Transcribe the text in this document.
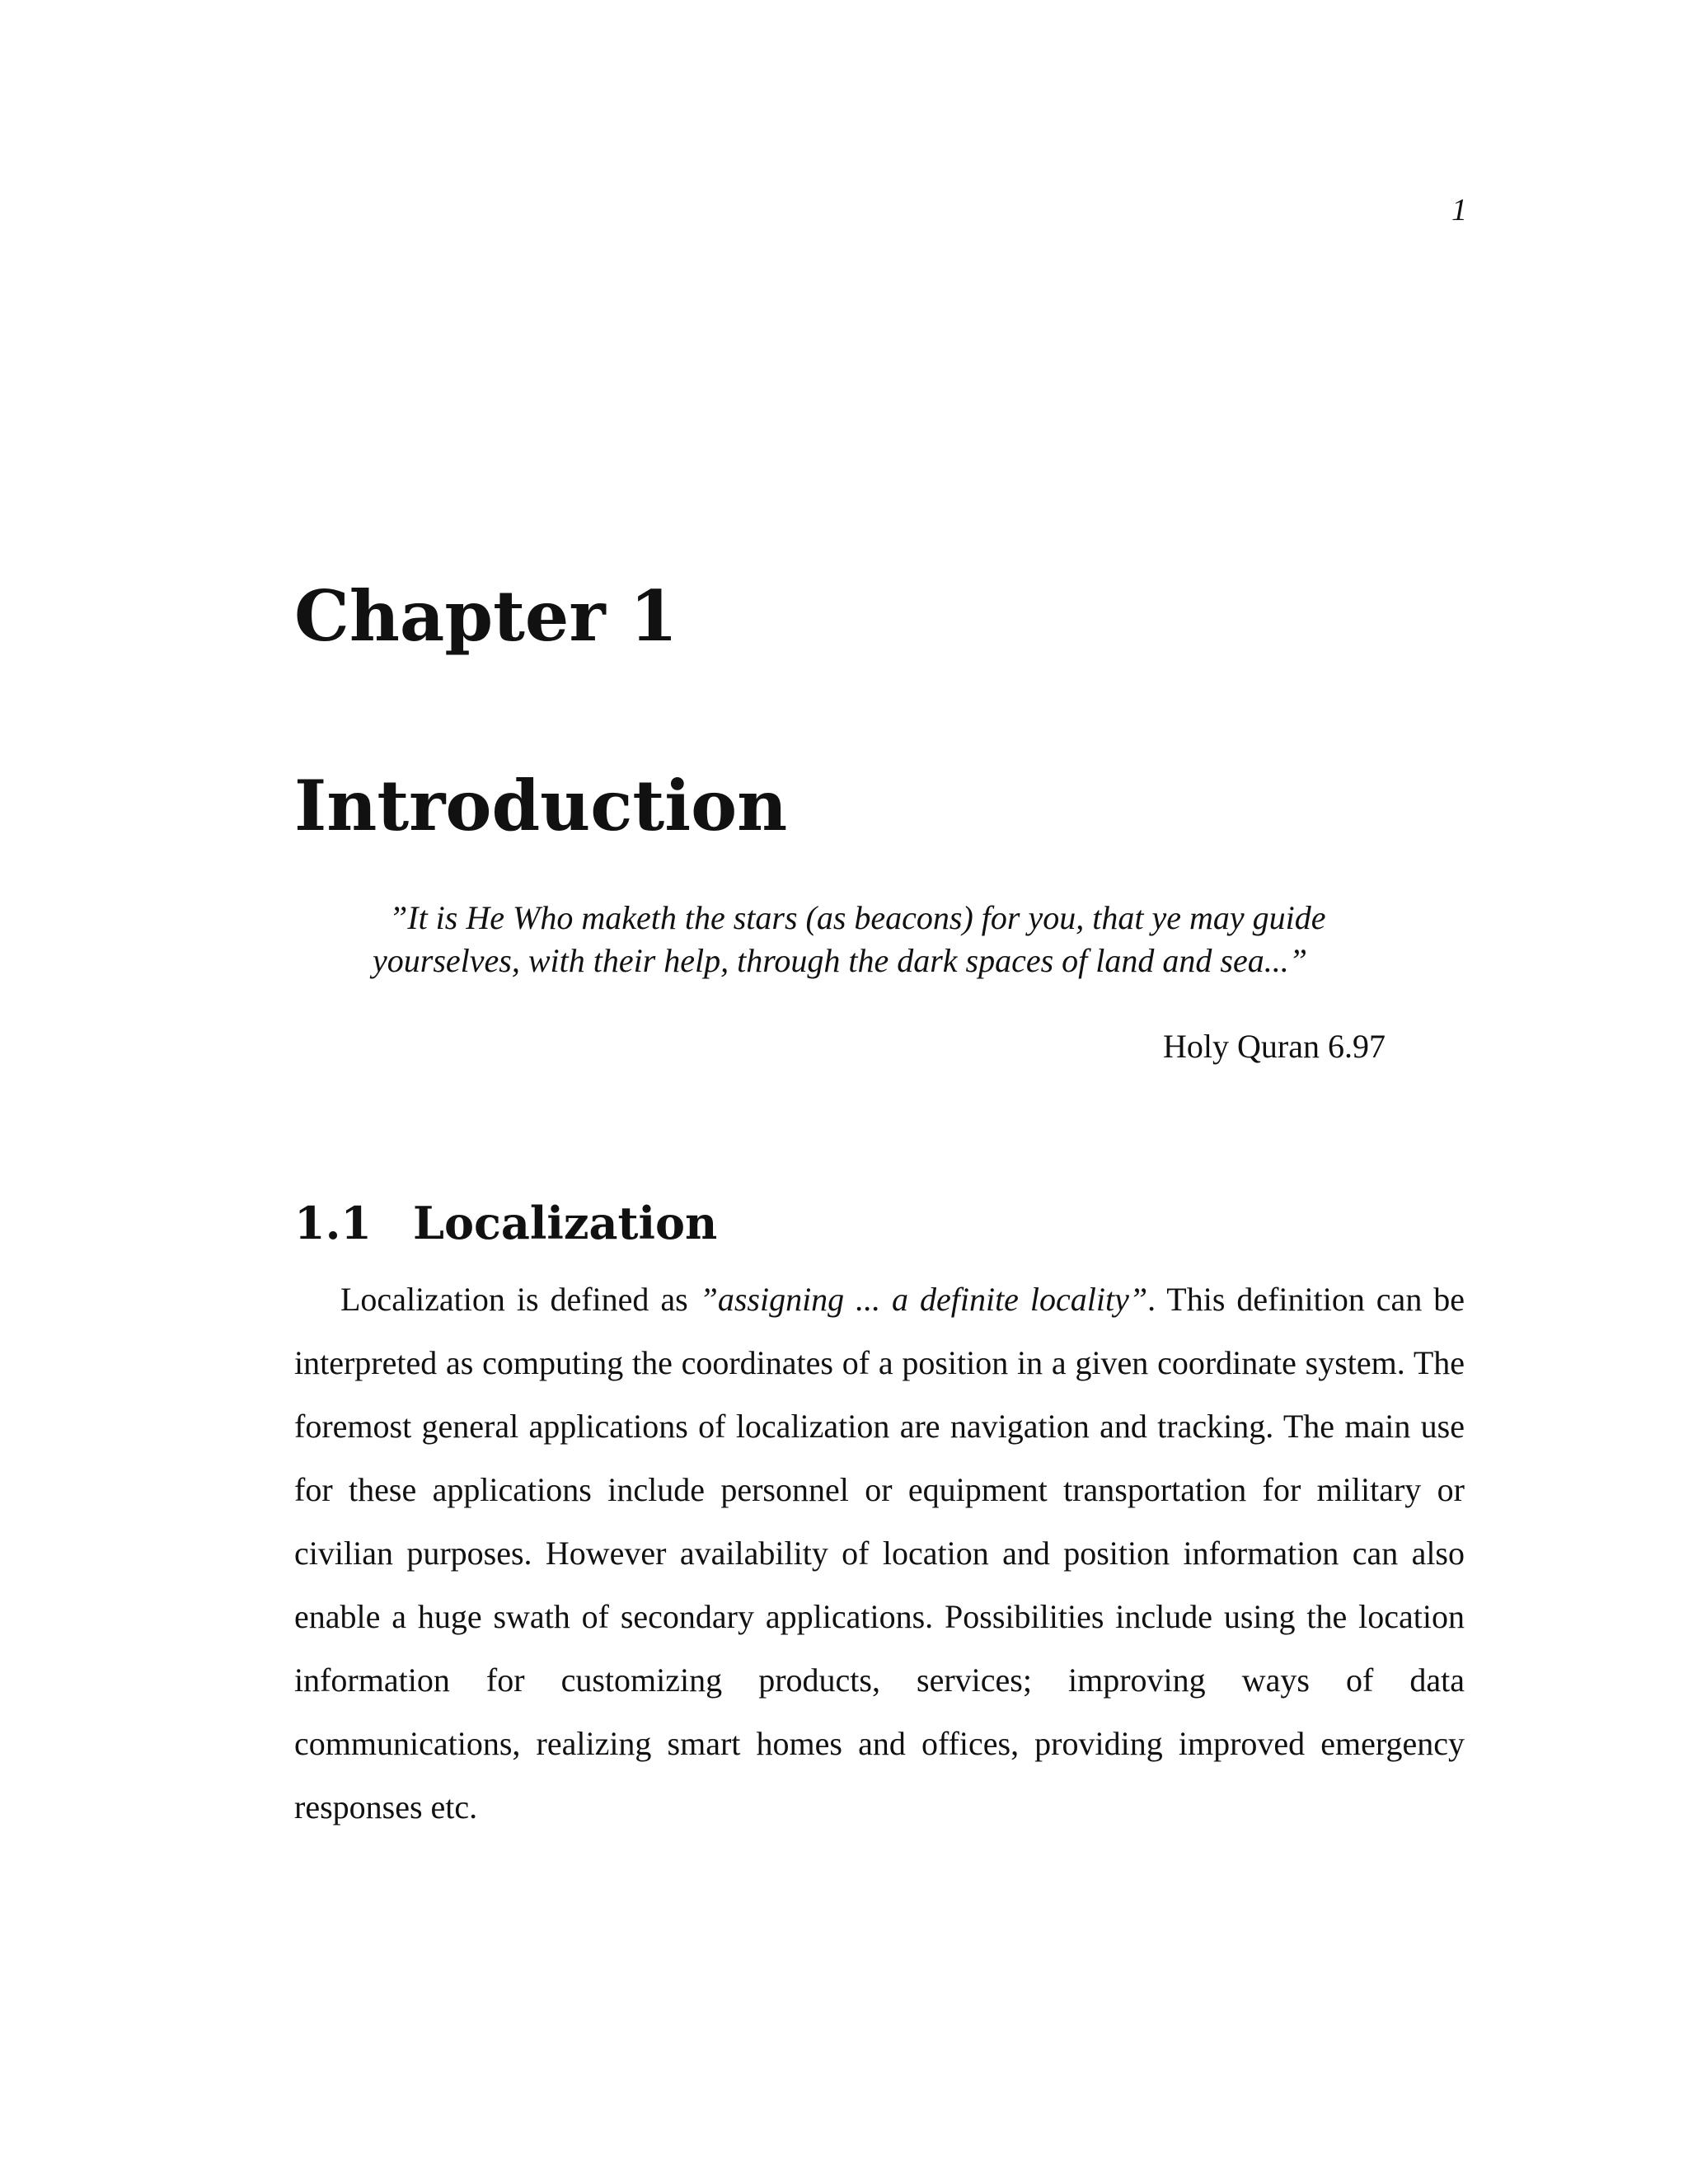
1
Chapter 1
Introduction
”It is He Who maketh the stars (as beacons) for you, that ye may guide
yourselves, with their help, through the dark spaces of land and sea...”
Holy Quran 6.97
1.1 Localization

Localization is defined as ”assigning ... a definite locality”. This definition can be interpreted as computing the coordinates of a position in a given coordinate system. The foremost general applications of localization are navigation and tracking. The main use for these applications include personnel or equipment transportation for military or civilian purposes. However availability of location and position information can also enable a huge swath of secondary applications. Possibilities include using the location information for customizing products, services; improving ways of data communications, realizing smart homes and offices, providing improved emergency responses etc.
